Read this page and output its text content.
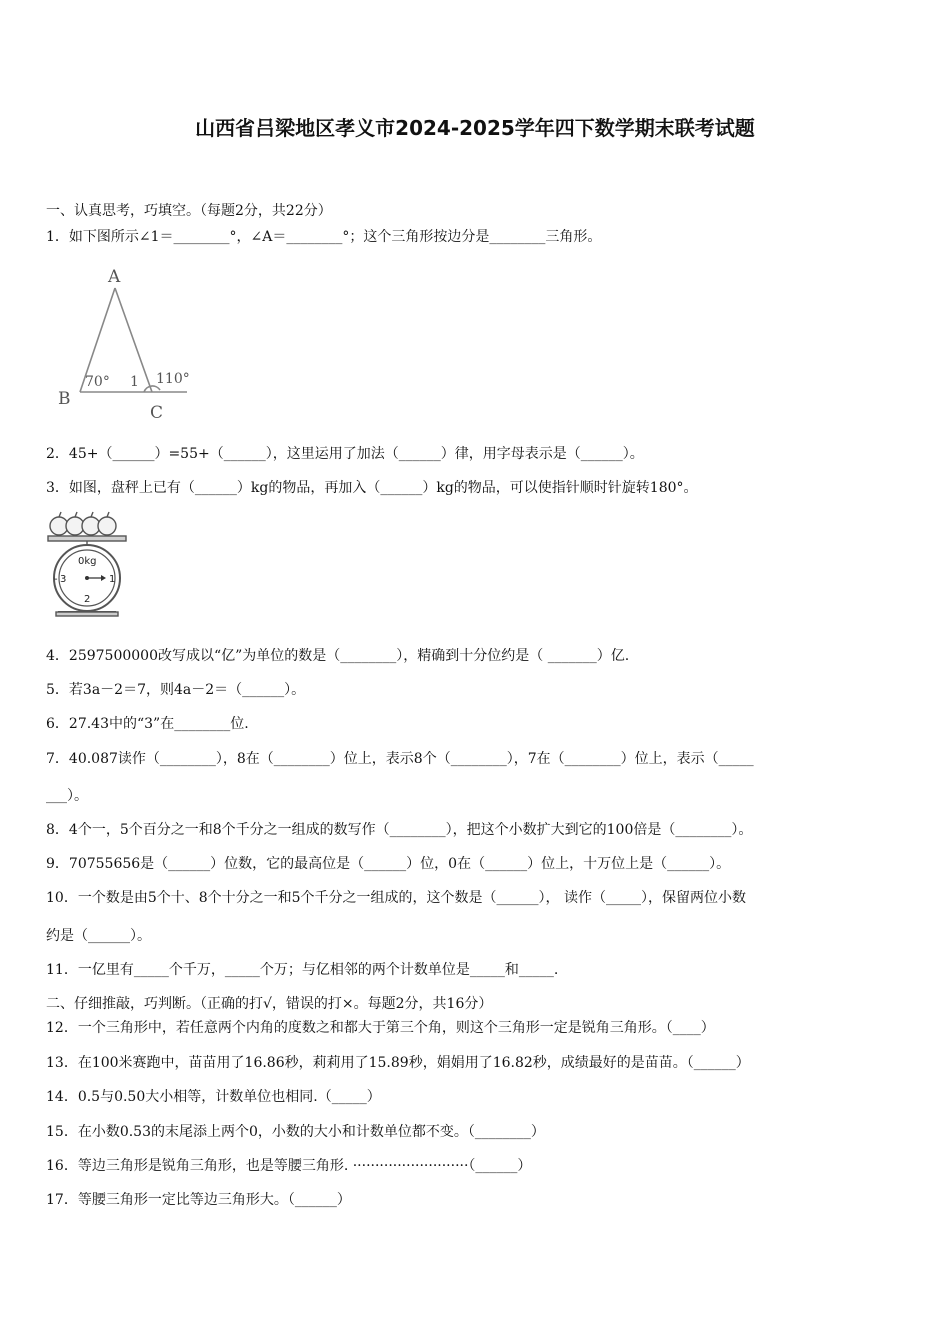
山西省吕梁地区孝义市2024-2025学年四下数学期末联考试题
一、认真思考，巧填空。（每题2分，共22分）
1．如下图所示∠1＝________°，∠A＝________°；这个三角形按边分是________三角形。
A
B
C
70° 1 110°
2．45+（______）=55+（______），这里运用了加法（______）律，用字母表示是（______）。
3．如图，盘秤上已有（______）kg的物品，再加入（______）kg的物品，可以使指针顺时针旋转180°。
0kg
3	1
2
-
4．2597500000改写成以“亿”为单位的数是（________），精确到十分位约是（ _______）亿.
5．若3a－2＝7，则4a－2＝（______）。
6．27.43中的“3”在________位.
7．40.087读作（________），8在（________）位上，表示8个（________），7在（________）位上，表示（_____
___）。
8．4个一，5个百分之一和8个千分之一组成的数写作（________），把这个小数扩大到它的100倍是（________）。
9．70755656是（______）位数，它的最高位是（______）位，0在（______）位上，十万位上是（______）。
10．一个数是由5个十、8个十分之一和5个千分之一组成的，这个数是（______）， 读作（_____），保留两位小数
约是（______）。
11．一亿里有_____个千万，_____个万；与亿相邻的两个计数单位是_____和_____.
二、仔细推敲，巧判断。（正确的打√，错误的打×。每题2分，共16分）
12．一个三角形中，若任意两个内角的度数之和都大于第三个角，则这个三角形一定是锐角三角形。（____）
13．在100米赛跑中，苗苗用了16.86秒，莉莉用了15.89秒，娟娟用了16.82秒，成绩最好的是苗苗。（______）
14．0.5与0.50大小相等，计数单位也相同.（_____）
15．在小数0.53的末尾添上两个0，小数的大小和计数单位都不变。（________）
16．等边三角形是锐角三角形，也是等腰三角形. ··························（______）
17．等腰三角形一定比等边三角形大。（______）
